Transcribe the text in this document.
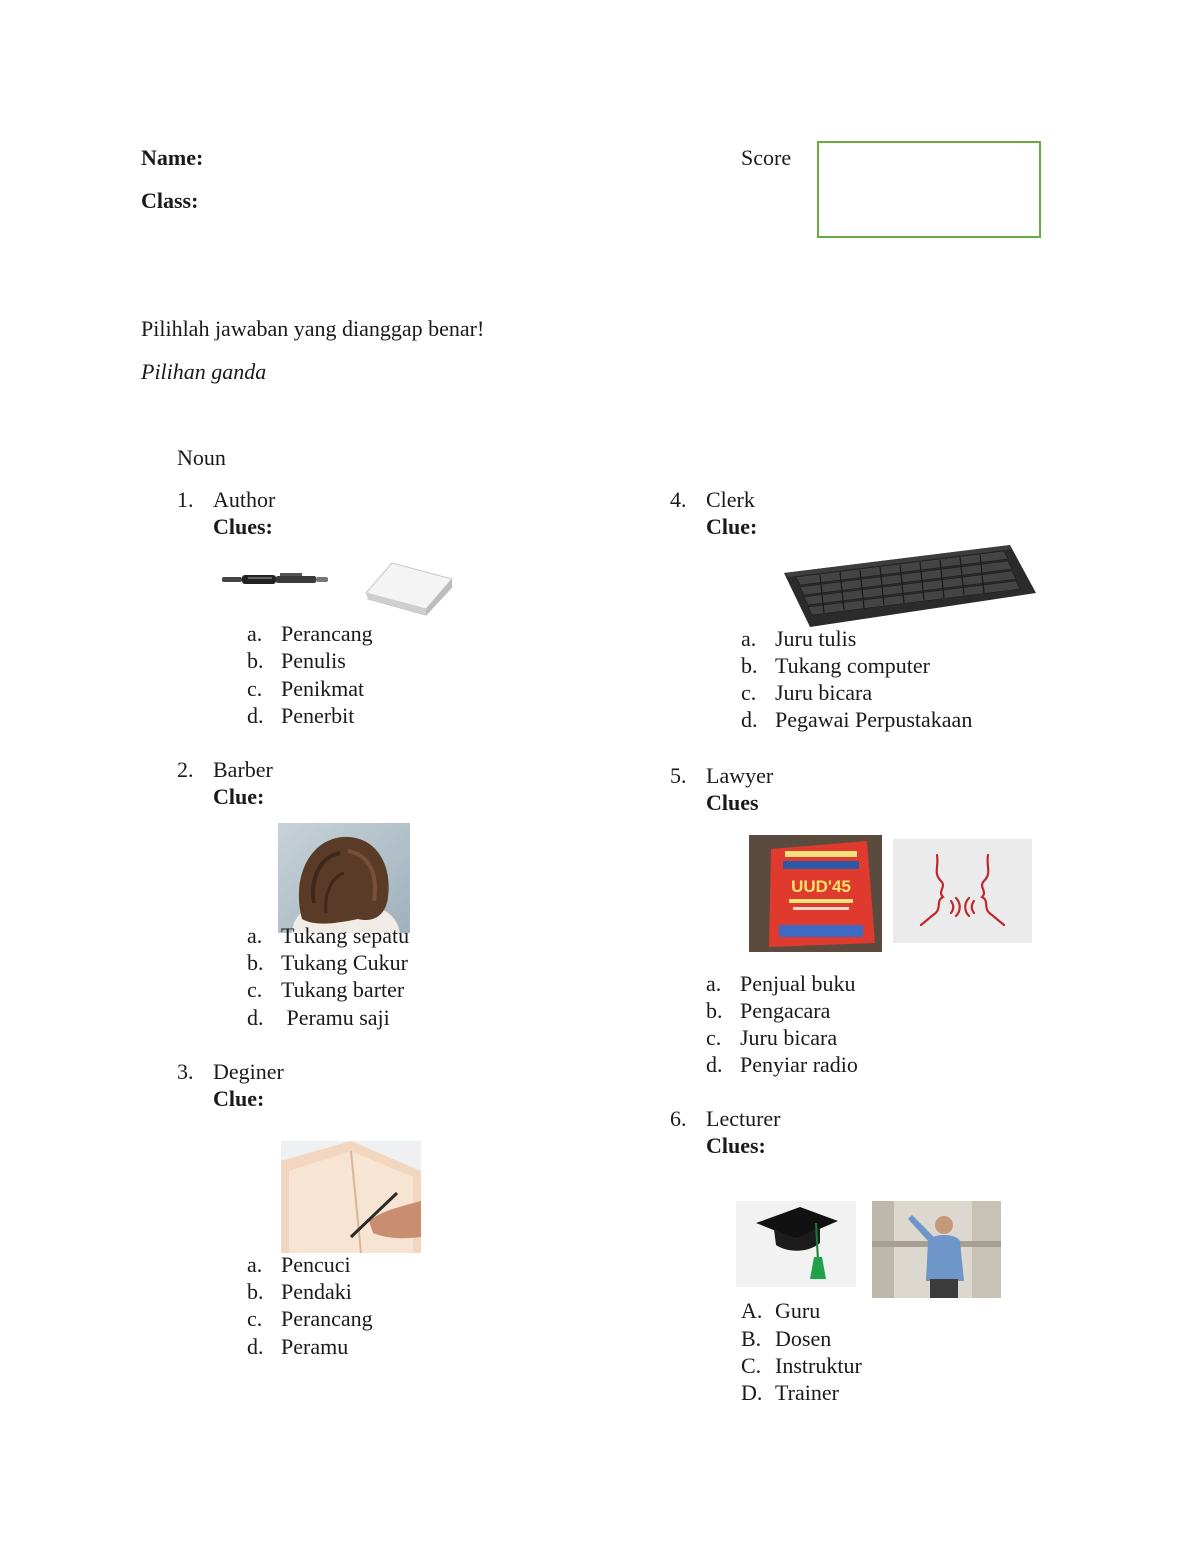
Name:
Class:
Score
Pilihlah jawaban yang dianggap benar!
Pilihan ganda
Noun
1. Author
Clues:
a. Perancang
b. Penulis
c. Penikmat
d. Penerbit
2. Barber
Clue:
a. Tukang sepatu
b. Tukang Cukur
c. Tukang barter
d. Peramu saji
3. Deginer
Clue:
a. Pencuci
b. Pendaki
c. Perancang
d. Peramu
4. Clerk
Clue:
a. Juru tulis
b. Tukang computer
c. Juru bicara
d. Pegawai Perpustakaan
5. Lawyer
Clues
UUD'45
a. Penjual buku
b. Pengacara
c. Juru bicara
d. Penyiar radio
6. Lecturer
Clues:
A. Guru
B. Dosen
C. Instruktur
D. Trainer
